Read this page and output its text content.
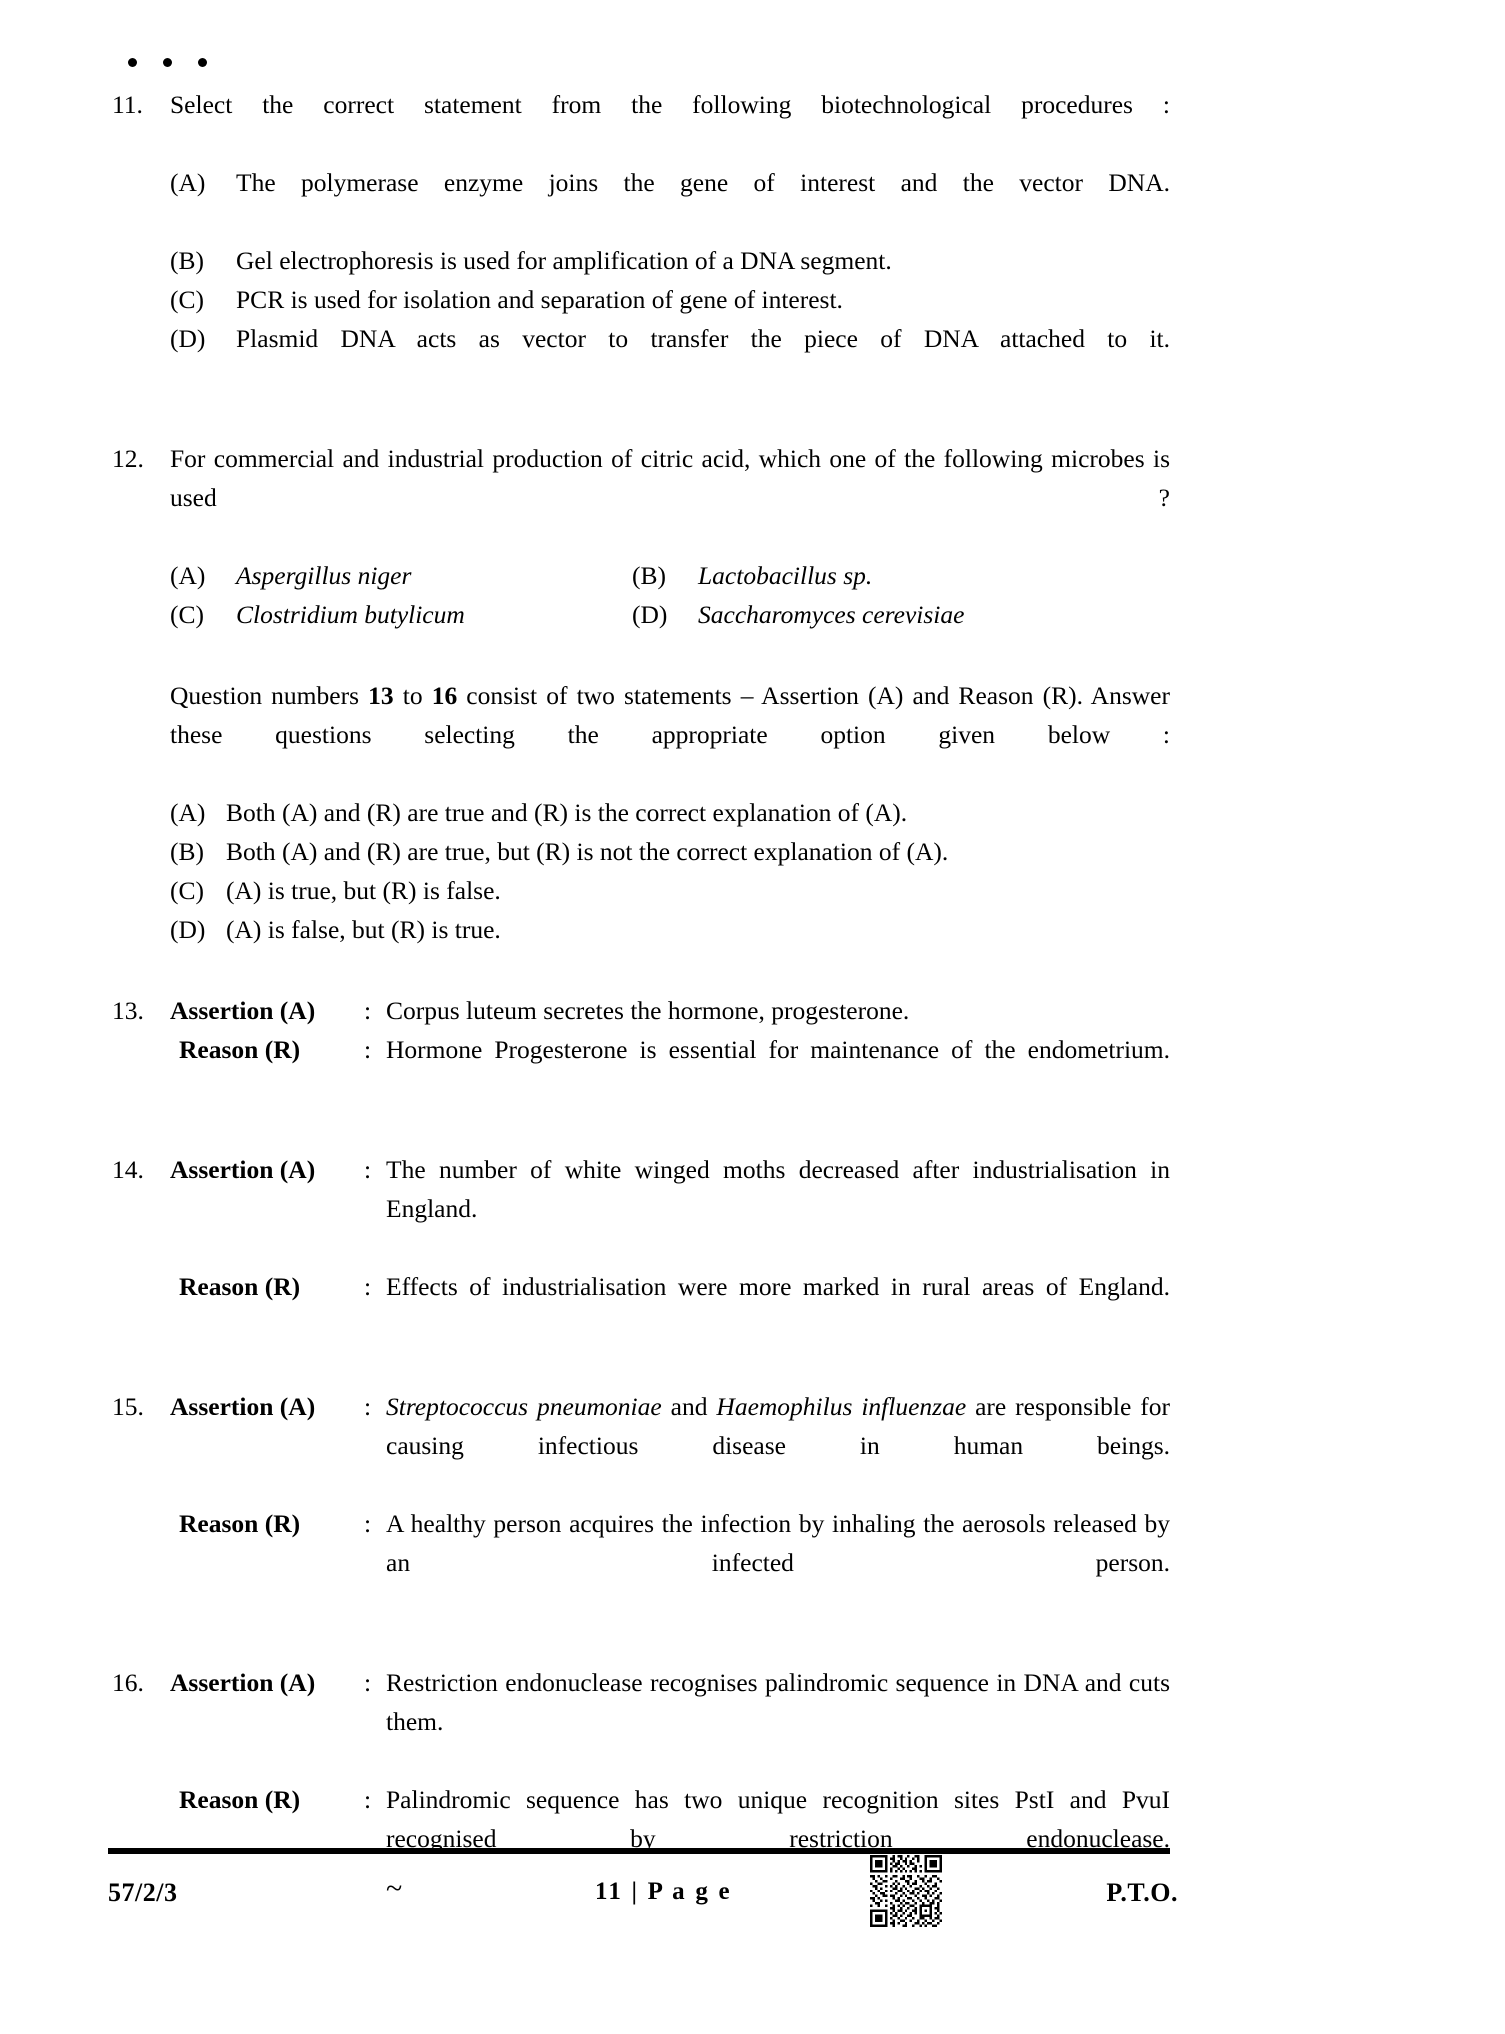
11.	Select the correct statement from the following biotechnological procedures :
(A)	The polymerase enzyme joins the gene of interest and the vector DNA.
(B)	Gel electrophoresis is used for amplification of a DNA segment.
(C)	PCR is used for isolation and separation of gene of interest.
(D)	Plasmid DNA acts as vector to transfer the piece of DNA attached to it.
12.	For commercial and industrial production of citric acid, which one of the following microbes is used ?
(A)	Aspergillus niger	(B)	Lactobacillus sp.
(C)	Clostridium butylicum	(D)	Saccharomyces cerevisiae
Question numbers 13 to 16 consist of two statements – Assertion (A) and Reason (R). Answer these questions selecting the appropriate option given below :
(A) Both (A) and (R) are true and (R) is the correct explanation of (A).
(B) Both (A) and (R) are true, but (R) is not the correct explanation of (A).
(C) (A) is true, but (R) is false.
(D) (A) is false, but (R) is true.
13.	Assertion (A)	: Corpus luteum secretes the hormone, progesterone.
Reason (R)	: Hormone Progesterone is essential for maintenance of the endometrium.
14.	Assertion (A)	: The number of white winged moths decreased after industrialisation in England.
Reason (R)	: Effects of industrialisation were more marked in rural areas of England.
15.	Assertion (A)	: Streptococcus pneumoniae and Haemophilus influenzae are responsible for causing infectious disease in human beings.
Reason (R)	: A healthy person acquires the infection by inhaling the aerosols released by an infected person.
16.	Assertion (A)	: Restriction endonuclease recognises palindromic sequence in DNA and cuts them.
Reason (R)	: Palindromic sequence has two unique recognition sites PstI and PvuI recognised by restriction endonuclease.
57/2/3	~	11 | P a g e	P.T.O.
